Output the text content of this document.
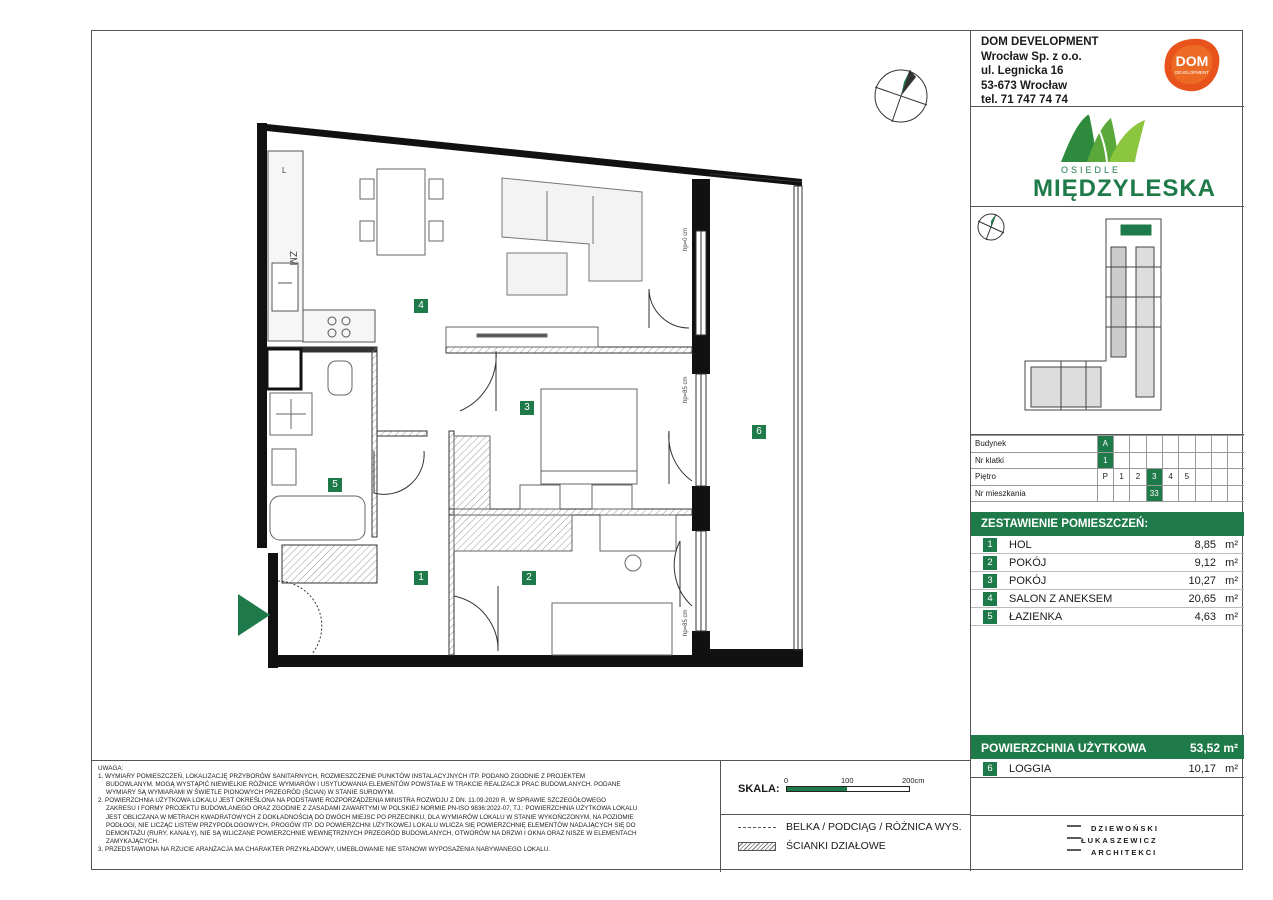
hp=0 cm
hp=85 cm
hp=85 cm
ZM
L
4
3
6
5
1	2
UWAGA:
1. WYMIARY POMIESZCZEŃ, LOKALIZACJĘ PRZYBORÓW SANITARNYCH, ROZMIESZCZENIE PUNKTÓW INSTALACYJNYCH ITP. PODANO ZGODNIE Z PROJEKTEM
BUDOWLANYM. MOGĄ WYSTĄPIĆ NIEWIELKIE RÓŻNICE WYMIARÓW I USYTUOWANIA ELEMENTÓW POWSTAŁE W TRAKCIE REALIZACJI PRAC BUDOWLANYCH. PODANE
WYMIARY SĄ WYMIARAMI W ŚWIETLE PIONOWYCH PRZEGRÓD (ŚCIAN) W STANIE SUROWYM.
2. POWIERZCHNIA UŻYTKOWA LOKALU JEST OKREŚLONA NA PODSTAWIE ROZPORZĄDZENIA MINISTRA ROZWOJU Z DN. 11.09.2020 R. W SPRAWIE SZCZEGÓŁOWEGO
ZAKRESU I FORMY PROJEKTU BUDOWLANEGO ORAZ ZGODNIE Z ZASADAMI ZAWARTYMI W POLSKIEJ NORMIE PN-ISO 9836:2022-07, TJ.: POWIERZCHNIA UŻYTKOWA LOKALU
JEST OBLICZANA W METRACH KWADRATOWYCH Z DOKŁADNOŚCIĄ DO DWÓCH MIEJSC PO PRZECINKU, DLA WYMIARÓW LOKALU W STANIE WYKOŃCZONYM, NA POZIOMIE
PODŁOGI, NIE LICZĄC LISTEW PRZYPODŁOGOWYCH, PROGÓW ITP. DO POWIERZCHNI UŻYTKOWEJ LOKALU WLICZA SIĘ POWIERZCHNIĘ ELEMENTÓW NADAJĄCYCH SIĘ DO
DEMONTAŻU (RURY, KANAŁY), NIE SĄ WLICZANE POWIERZCHNIE WEWNĘTRZNYCH PRZEGRÓD BUDOWLANYCH, OTWORÓW NA DRZWI I OKNA ORAZ NISZE W ELEMENTACH
ZAMYKAJĄCYCH.
3. PRZEDSTAWIONA NA RZUCIE ARANŻACJA MA CHARAKTER PRZYKŁADOWY, UMEBLOWANIE NIE STANOWI WYPOSAŻENIA NABYWANEGO LOKALU.
SKALA:
0	100	200cm
BELKA / PODCIĄG / RÓŻNICA WYS.
ŚCIANKI DZIAŁOWE
DOM DEVELOPMENT
Wrocław Sp. z o.o.
ul. Legnicka 16
53-673 Wrocław
tel. 71 747 74 74
DOM
DEVELOPMENT
OSIEDLE
MIĘDZYLESKA
Budynek	A								
Nr klatki	1								
Piętro	P	1	2	3	4	5			
Nr mieszkania				33					
ZESTAWIENIE POMIESZCZEŃ:
1	HOL	8,85 m²
2	POKÓJ	9,12 m²
3	POKÓJ	10,27 m²
4	SALON Z ANEKSEM	20,65 m²
5	ŁAZIENKA	4,63 m²
POWIERZCHNIA UŻYTKOWA	53,52 m²
6	LOGGIA	10,17 m²
DZIEWOŃSKI
ŁUKASZEWICZ
ARCHITEKCI
